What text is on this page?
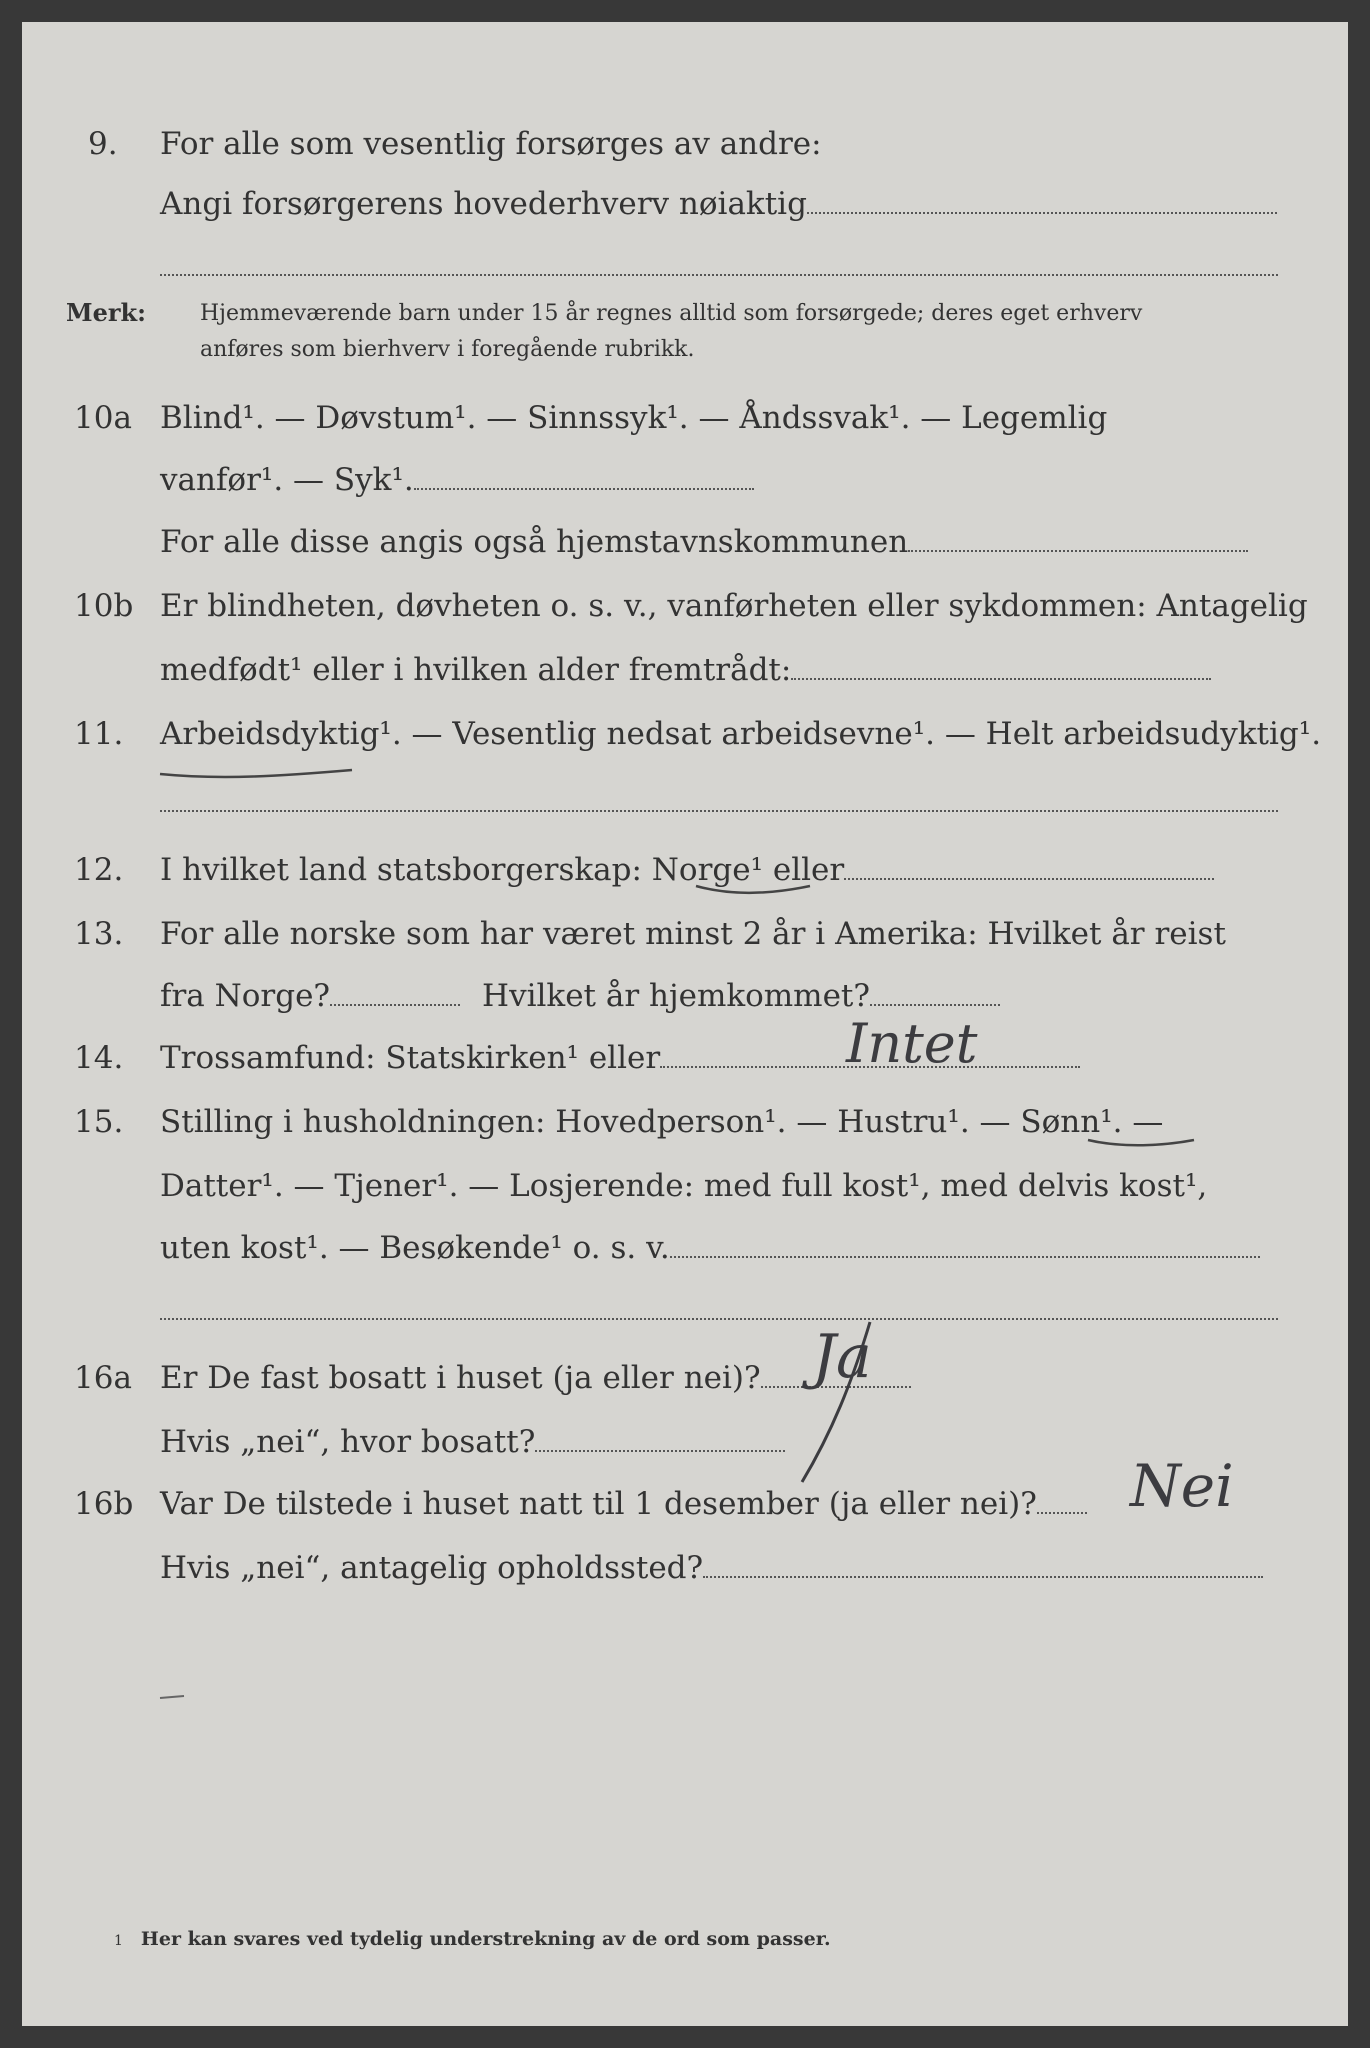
9. For alle som vesentlig forsørges av andre:
Angi forsørgerens hovederhverv nøiaktig
Merk: Hjemmeværende barn under 15 år regnes alltid som forsørgede; deres eget erhverv
anføres som bierhverv i foregående rubrikk.
10a Blind¹. — Døvstum¹. — Sinnssyk¹. — Åndssvak¹. — Legemlig
vanfør¹. — Syk¹.
For alle disse angis også hjemstavnskommunen
10b Er blindheten, døvheten o. s. v., vanførheten eller sykdommen: Antagelig
medfødt¹ eller i hvilken alder fremtrådt:
11. Arbeidsdyktig¹. — Vesentlig nedsat arbeidsevne¹. — Helt arbeidsudyktig¹.
12. I hvilket land statsborgerskap: Norge¹ eller
13. For alle norske som har været minst 2 år i Amerika: Hvilket år reist
fra Norge?	Hvilket år hjemkommet?
14. Trossamfund: Statskirken¹ eller	Intet
15. Stilling i husholdningen: Hovedperson¹. — Hustru¹. — Sønn¹. —
Datter¹. — Tjener¹. — Losjerende: med full kost¹, med delvis kost¹,
uten kost¹. — Besøkende¹ o. s. v.
16a Er De fast bosatt i huset (ja eller nei)? Ja
Hvis „nei“, hvor bosatt?
16b Var De tilstede i huset natt til 1 desember (ja eller nei)?	Nei
Hvis „nei“, antagelig opholdssted?
1 Her kan svares ved tydelig understrekning av de ord som passer.
